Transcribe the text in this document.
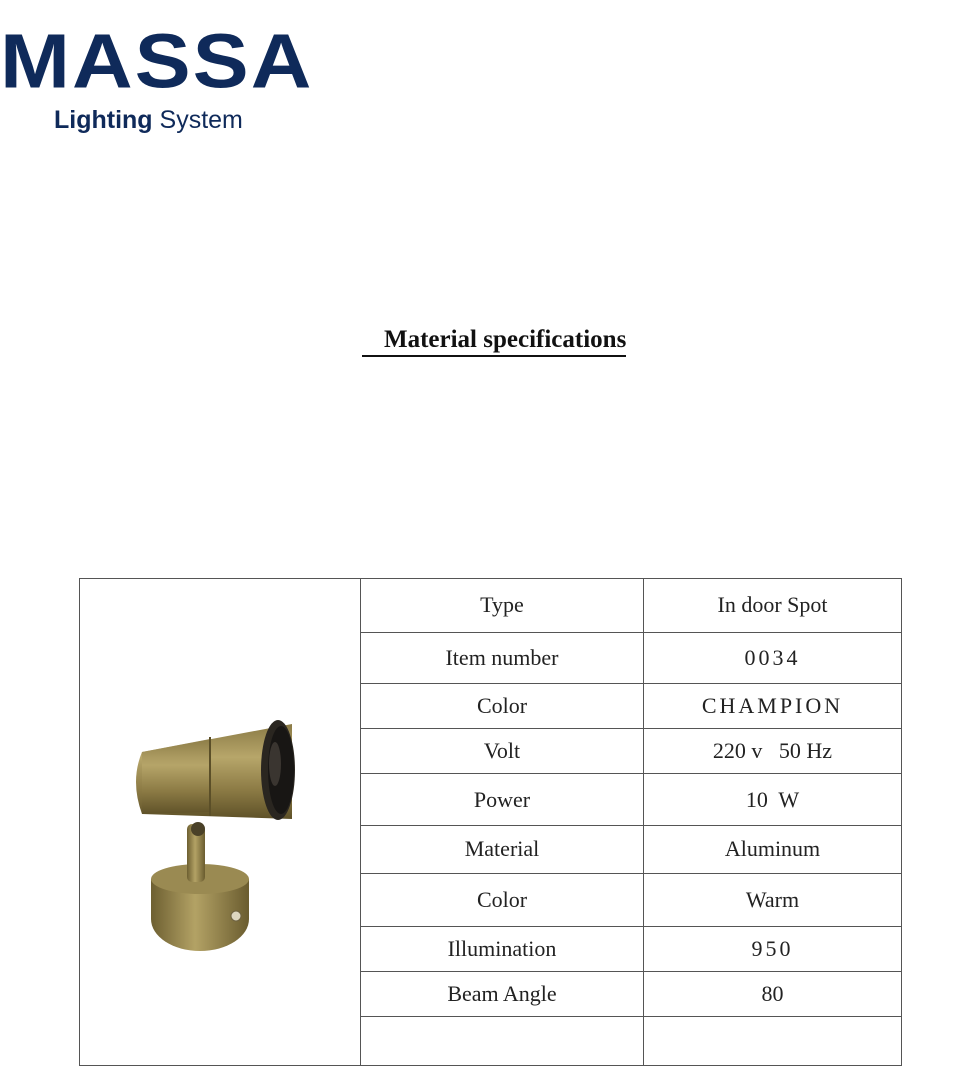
MASSA
Lighting System
Material specifications
	Type	In door Spot
	Item number	0034
	Color	CHAMPION
	Volt	220 v   50 Hz
	Power	10  W
	Material	Aluminum
	Color	Warm
	Illumination	950
	Beam Angle	80
